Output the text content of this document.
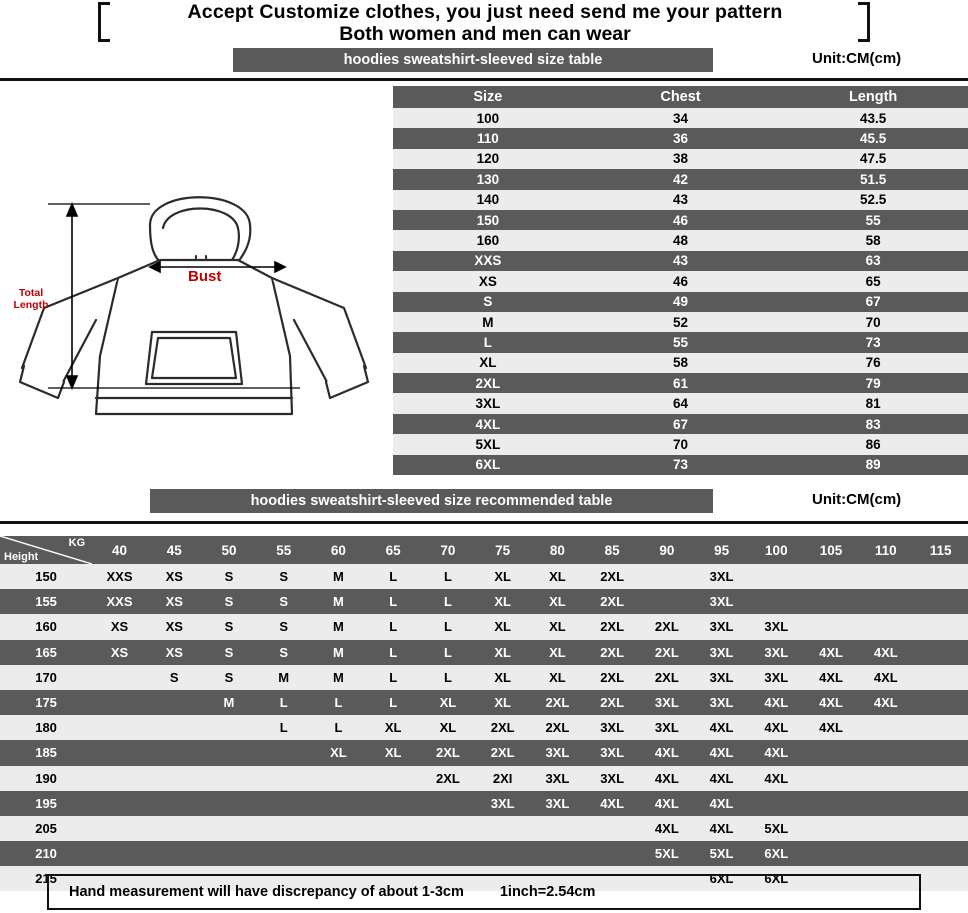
Accept Customize clothes, you just need send me your pattern
Both women and men can wear
hoodies sweatshirt-sleeved size table	Unit:CM(cm)
Bust
Total
Length
Size	Chest	Length
100	34	43.5
110	36	45.5
120	38	47.5
130	42	51.5
140	43	52.5
150	46	55
160	48	58
XXS	43	63
XS	46	65
S	49	67
M	52	70
L	55	73
XL	58	76
2XL	61	79
3XL	64	81
4XL	67	83
5XL	70	86
6XL	73	89
hoodies sweatshirt-sleeved size recommended table	Unit:CM(cm)
KG
Height	40	45	50	55	60	65	70	75	80	85	90	95	100	105	110	115
150	XXS	XS	S	S	M	L	L	XL	XL	2XL		3XL				
155	XXS	XS	S	S	M	L	L	XL	XL	2XL		3XL				
160	XS	XS	S	S	M	L	L	XL	XL	2XL	2XL	3XL	3XL			
165	XS	XS	S	S	M	L	L	XL	XL	2XL	2XL	3XL	3XL	4XL	4XL	
170		S	S	M	M	L	L	XL	XL	2XL	2XL	3XL	3XL	4XL	4XL	
175			M	L	L	L	XL	XL	2XL	2XL	3XL	3XL	4XL	4XL	4XL	
180				L	L	XL	XL	2XL	2XL	3XL	3XL	4XL	4XL	4XL		
185					XL	XL	2XL	2XL	3XL	3XL	4XL	4XL	4XL			
190							2XL	2XI	3XL	3XL	4XL	4XL	4XL			
195								3XL	3XL	4XL	4XL	4XL				
205											4XL	4XL	5XL			
210											5XL	5XL	6XL			
215												6XL	6XL			
Hand measurement will have discrepancy of about 1-3cm 1inch=2.54cm
